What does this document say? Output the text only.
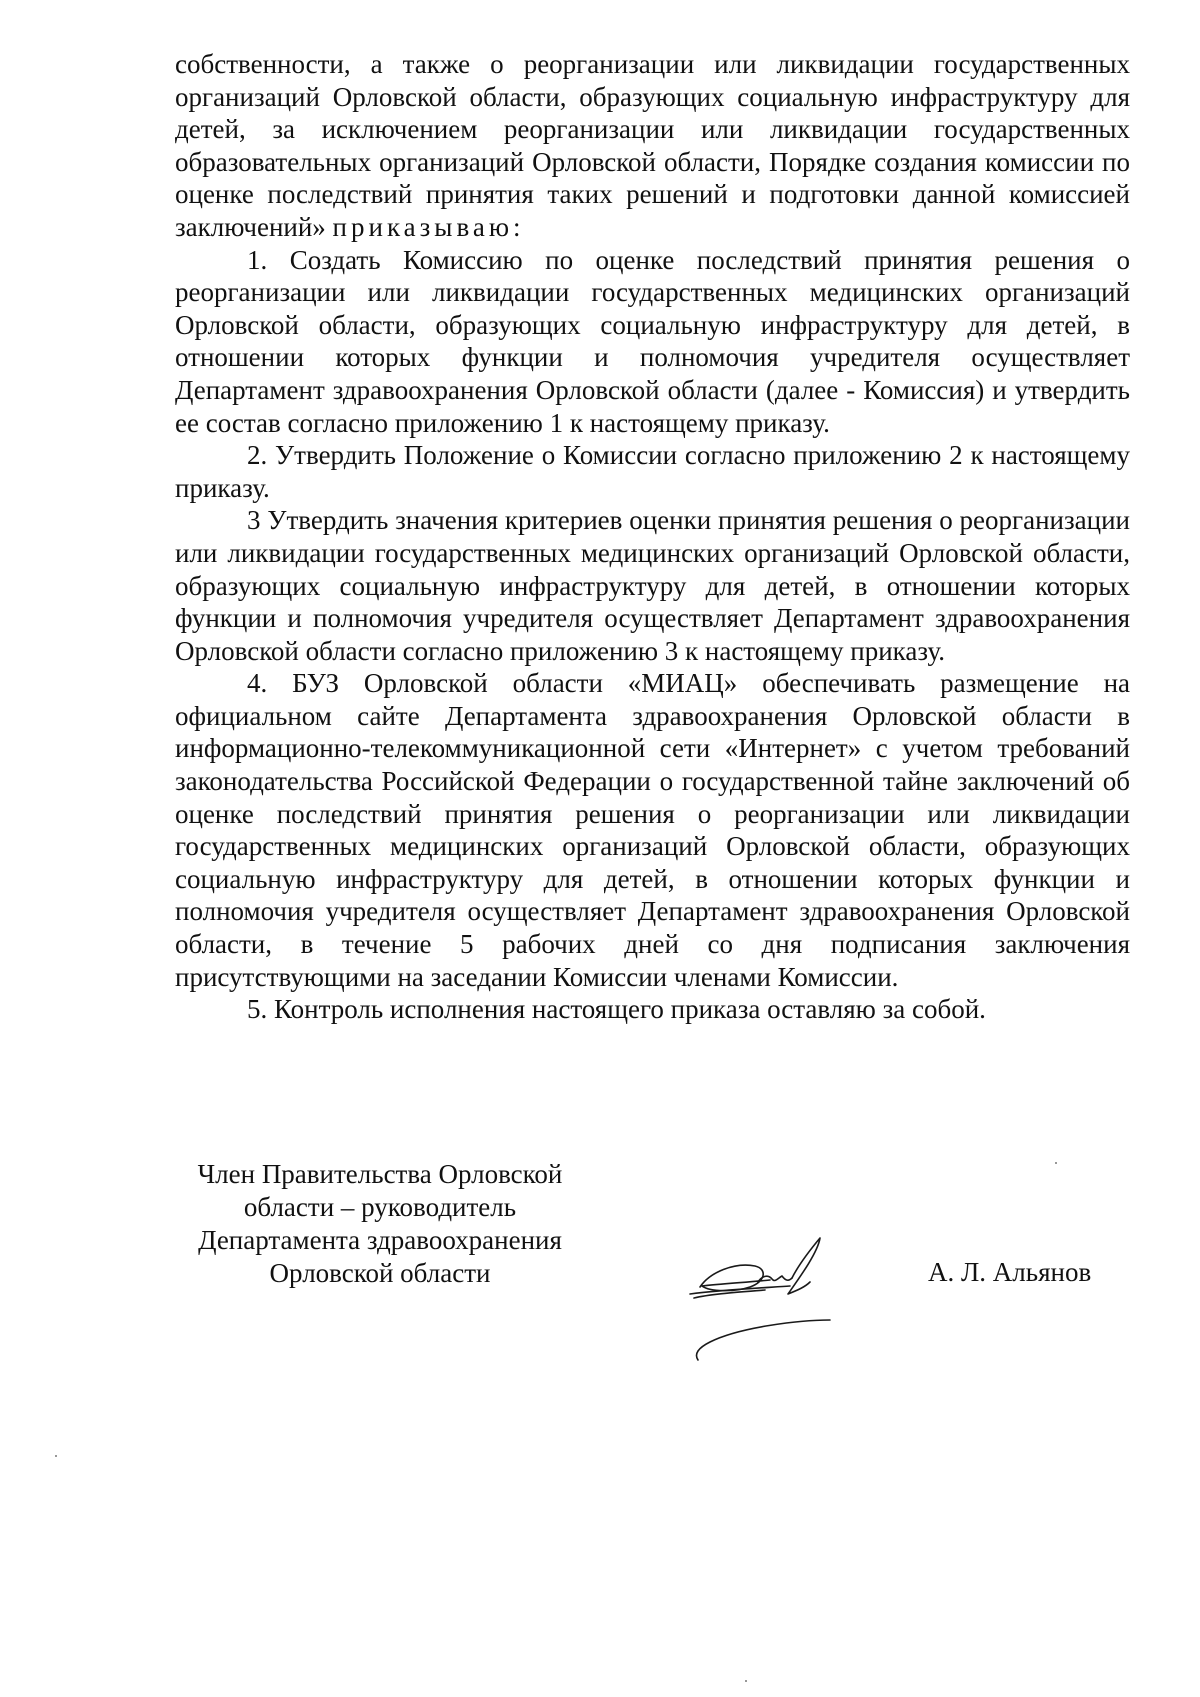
собственности, а также о реорганизации или ликвидации государственных организаций Орловской области, образующих социальную инфраструктуру для детей, за исключением реорганизации или ликвидации государственных образовательных организаций Орловской области, Порядке создания комиссии по оценке последствий принятия таких решений и подготовки данной комиссией заключений» приказываю:

1. Создать Комиссию по оценке последствий принятия решения о реорганизации или ликвидации государственных медицинских организаций Орловской области, образующих социальную инфраструктуру для детей, в отношении которых функции и полномочия учредителя осуществляет Департамент здравоохранения Орловской области (далее - Комиссия) и утвердить ее состав согласно приложению 1 к настоящему приказу.

2. Утвердить Положение о Комиссии согласно приложению 2 к настоящему приказу.

3 Утвердить значения критериев оценки принятия решения о реорганизации или ликвидации государственных медицинских организаций Орловской области, образующих социальную инфраструктуру для детей, в отношении которых функции и полномочия учредителя осуществляет Департамент здравоохранения Орловской области согласно приложению 3 к настоящему приказу.

4. БУЗ Орловской области «МИАЦ» обеспечивать размещение на официальном сайте Департамента здравоохранения Орловской области в информационно-телекоммуникационной сети «Интернет» с учетом требований законодательства Российской Федерации о государственной тайне заключений об оценке последствий принятия решения о реорганизации или ликвидации государственных медицинских организаций Орловской области, образующих социальную инфраструктуру для детей, в отношении которых функции и полномочия учредителя осуществляет Департамент здравоохранения Орловской области, в течение 5 рабочих дней со дня подписания заключения присутствующими на заседании Комиссии членами Комиссии.

5. Контроль исполнения настоящего приказа оставляю за собой.

Член Правительства Орловской
области – руководитель
Департамента здравоохранения
Орловской области	А. Л. Альянов
